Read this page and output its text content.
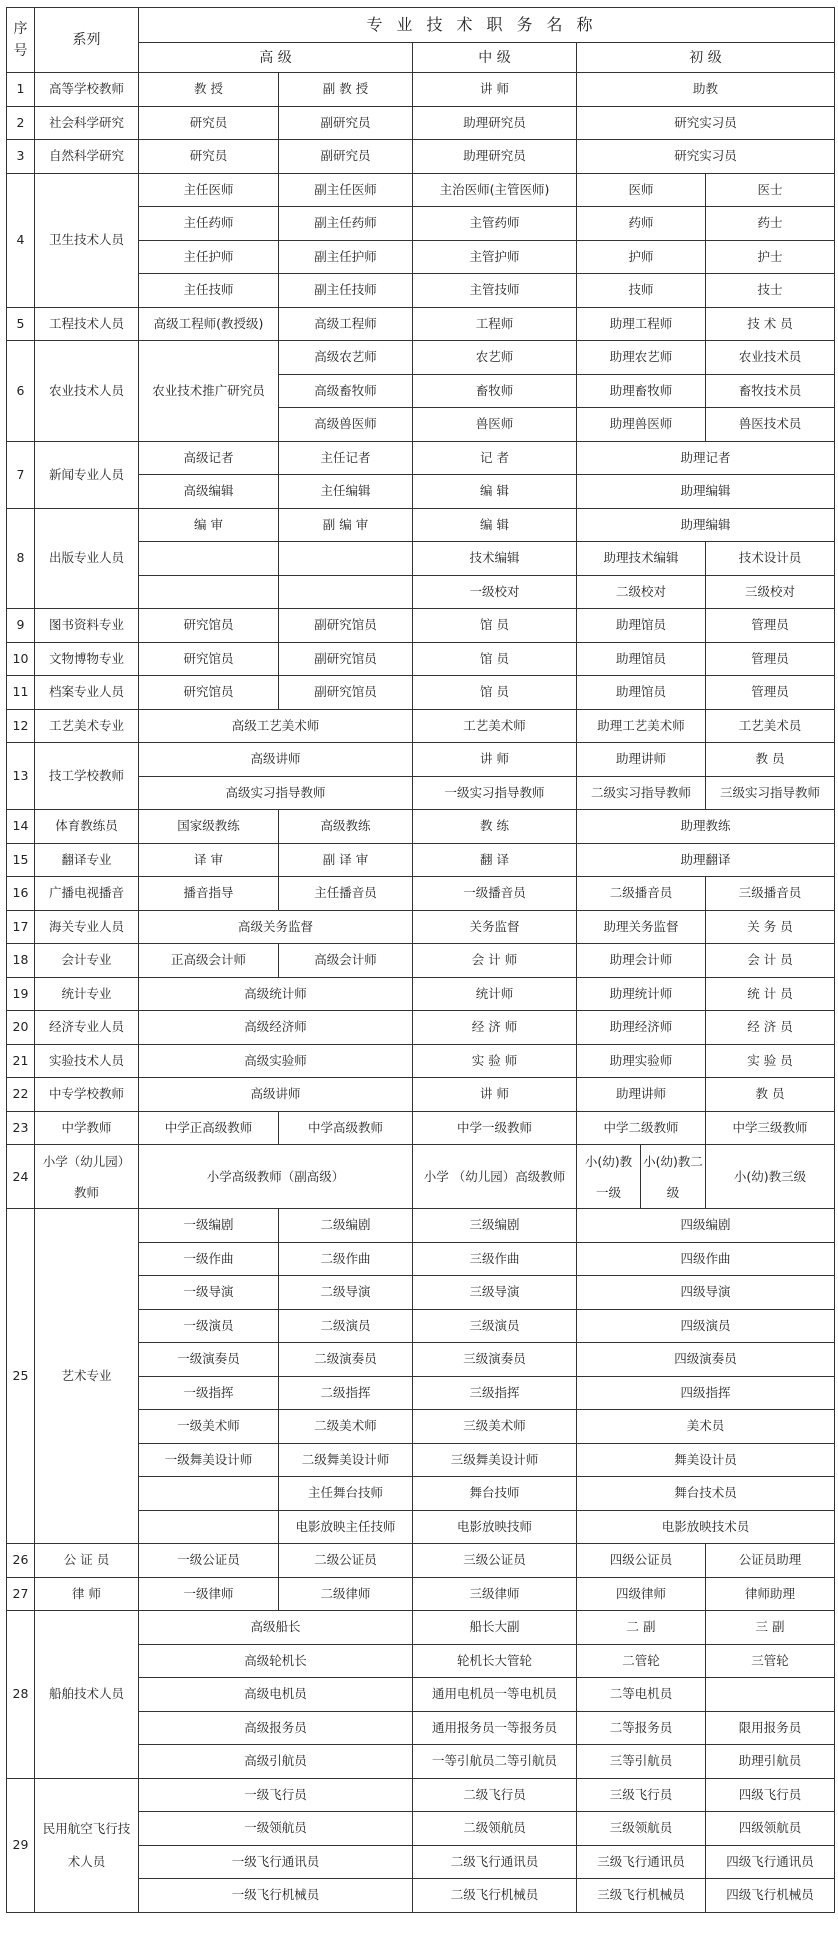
序号	系列	专业技术职务名称					
		高 级		中 级	初 级		
1	高等学校教师	教 授	副 教 授	讲 师	助教		
2	社会科学研究	研究员	副研究员	助理研究员	研究实习员		
3	自然科学研究	研究员	副研究员	助理研究员	研究实习员		
4	卫生技术人员	主任医师	副主任医师	主治医师(主管医师)	医师		医士
		主任药师	副主任药师	主管药师	药师		药士
		主任护师	副主任护师	主管护师	护师		护士
		主任技师	副主任技师	主管技师	技师		技士
5	工程技术人员	高级工程师(教授级)	高级工程师	工程师	助理工程师		技 术 员
6	农业技术人员	农业技术推广研究员	高级农艺师	农艺师	助理农艺师		农业技术员
			高级畜牧师	畜牧师	助理畜牧师		畜牧技术员
			高级兽医师	兽医师	助理兽医师		兽医技术员
7	新闻专业人员	高级记者	主任记者	记 者	助理记者		
		高级编辑	主任编辑	编 辑	助理编辑		
8	出版专业人员	编 审	副 编 审	编 辑	助理编辑		
				技术编辑	助理技术编辑		技术设计员
				一级校对	二级校对		三级校对
9	图书资料专业	研究馆员	副研究馆员	馆 员	助理馆员		管理员
10	文物博物专业	研究馆员	副研究馆员	馆 员	助理馆员		管理员
11	档案专业人员	研究馆员	副研究馆员	馆 员	助理馆员		管理员
12	工艺美术专业	高级工艺美术师		工艺美术师	助理工艺美术师		工艺美术员
13	技工学校教师	高级讲师		讲 师	助理讲师		教 员
		高级实习指导教师		一级实习指导教师	二级实习指导教师		三级实习指导教师
14	体育教练员	国家级教练	高级教练	教 练	助理教练		
15	翻译专业	译 审	副 译 审	翻 译	助理翻译		
16	广播电视播音	播音指导	主任播音员	一级播音员	二级播音员		三级播音员
17	海关专业人员	高级关务监督		关务监督	助理关务监督		关 务 员
18	会计专业	正高级会计师	高级会计师	会 计 师	助理会计师		会 计 员
19	统计专业	高级统计师		统计师	助理统计师		统 计 员
20	经济专业人员	高级经济师		经 济 师	助理经济师		经 济 员
21	实验技术人员	高级实验师		实 验 师	助理实验师		实 验 员
22	中专学校教师	高级讲师		讲 师	助理讲师		教 员
23	中学教师	中学正高级教师	中学高级教师	中学一级教师	中学二级教师		中学三级教师
24	小学（幼儿园）教师	小学高级教师（副高级）		小学 （幼儿园）高级教师	小(幼)教一级	小(幼)教二级	小(幼)教三级
25	艺术专业	一级编剧	二级编剧	三级编剧	四级编剧		
		一级作曲	二级作曲	三级作曲	四级作曲		
		一级导演	二级导演	三级导演	四级导演		
		一级演员	二级演员	三级演员	四级演员		
		一级演奏员	二级演奏员	三级演奏员	四级演奏员		
		一级指挥	二级指挥	三级指挥	四级指挥		
		一级美术师	二级美术师	三级美术师	美术员		
		一级舞美设计师	二级舞美设计师	三级舞美设计师	舞美设计员		
			主任舞台技师	舞台技师	舞台技术员		
			电影放映主任技师	电影放映技师	电影放映技术员		
26	公 证 员	一级公证员	二级公证员	三级公证员	四级公证员		公证员助理
27	律 师	一级律师	二级律师	三级律师	四级律师		律师助理
28	船舶技术人员	高级船长		船长大副	二 副		三 副
		高级轮机长		轮机长大管轮	二管轮		三管轮
		高级电机员		通用电机员一等电机员	二等电机员		
		高级报务员		通用报务员一等报务员	二等报务员		限用报务员
		高级引航员		一等引航员二等引航员	三等引航员		助理引航员
29	民用航空飞行技术人员	一级飞行员		二级飞行员	三级飞行员		四级飞行员
		一级领航员		二级领航员	三级领航员		四级领航员
		一级飞行通讯员		二级飞行通讯员	三级飞行通讯员		四级飞行通讯员
		一级飞行机械员		二级飞行机械员	三级飞行机械员		四级飞行机械员
